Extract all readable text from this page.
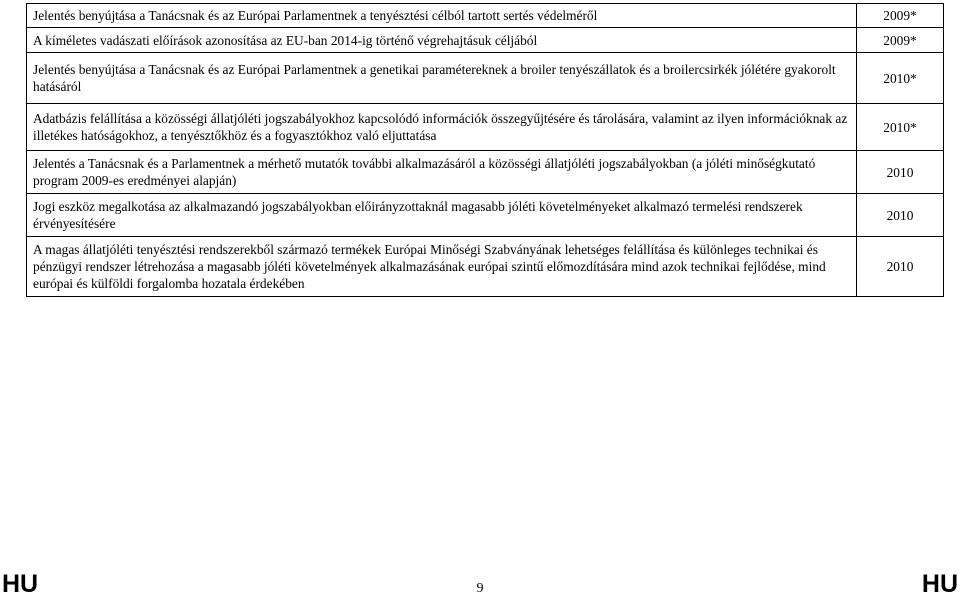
Jelentés benyújtása a Tanácsnak és az Európai Parlamentnek a tenyésztési célból tartott sertés védelméről	2009*
A kíméletes vadászati előírások azonosítása az EU-ban 2014-ig történő végrehajtásuk céljából	2009*
Jelentés benyújtása a Tanácsnak és az Európai Parlamentnek a genetikai paramétereknek a broiler tenyészállatok és a broilercsirkék jólétére gyakorolt hatásáról	2010*
Adatbázis felállítása a közösségi állatjóléti jogszabályokhoz kapcsolódó információk összegyűjtésére és tárolására, valamint az ilyen információknak az illetékes hatóságokhoz, a tenyésztőkhöz és a fogyasztókhoz való eljuttatása	2010*
Jelentés a Tanácsnak és a Parlamentnek a mérhető mutatók további alkalmazásáról a közösségi állatjóléti jogszabályokban (a jóléti minőségkutató program 2009-es eredményei alapján)	2010
Jogi eszköz megalkotása az alkalmazandó jogszabályokban előirányzottaknál magasabb jóléti követelményeket alkalmazó termelési rendszerek érvényesítésére	2010
A magas állatjóléti tenyésztési rendszerekből származó termékek Európai Minőségi Szabványának lehetséges felállítása és különleges technikai és pénzügyi rendszer létrehozása a magasabb jóléti követelmények alkalmazásának európai szintű előmozdítására mind azok technikai fejlődése, mind európai és külföldi forgalomba hozatala érdekében	2010
HU	9	HU
